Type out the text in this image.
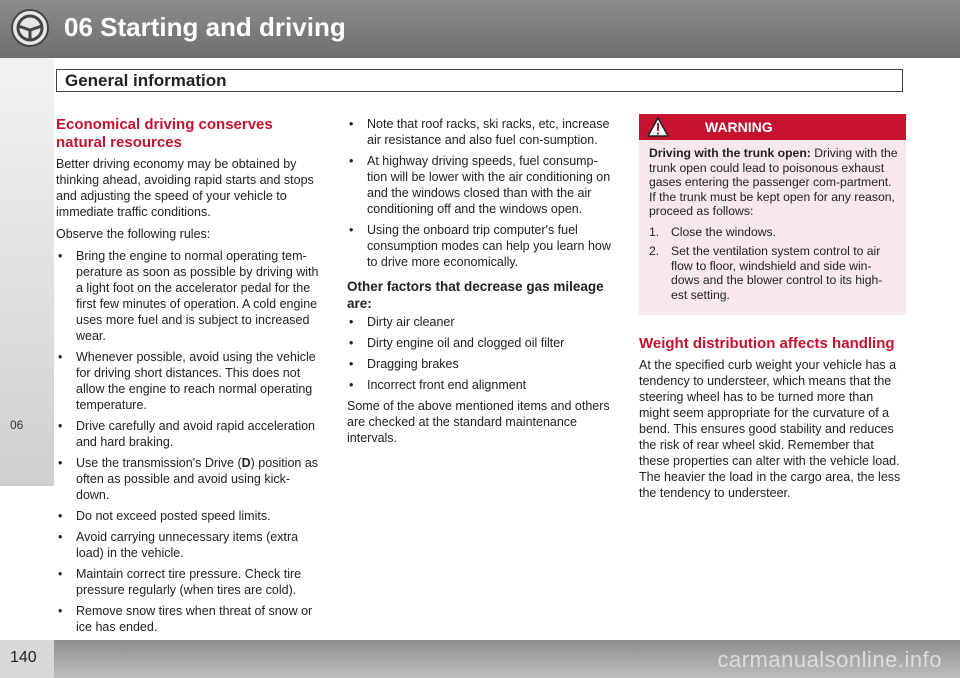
06 Starting and driving
General information
06
Economical driving conserves natural resources

Better driving economy may be obtained by thinking ahead, avoiding rapid starts and stops and adjusting the speed of your vehicle to immediate traffic conditions.

Observe the following rules:

• Bring the engine to normal operating tem-perature as soon as possible by driving with a light foot on the accelerator pedal for the first few minutes of operation. A cold engine uses more fuel and is subject to increased wear.
• Whenever possible, avoid using the vehicle for driving short distances. This does not allow the engine to reach normal operating temperature.
• Drive carefully and avoid rapid acceleration and hard braking.
• Use the transmission's Drive (D) position as often as possible and avoid using kick-down.
• Do not exceed posted speed limits.
• Avoid carrying unnecessary items (extra load) in the vehicle.
• Maintain correct tire pressure. Check tire pressure regularly (when tires are cold).
• Remove snow tires when threat of snow or ice has ended.
• Note that roof racks, ski racks, etc, increase air resistance and also fuel con-sumption.
• At highway driving speeds, fuel consump-tion will be lower with the air conditioning on and the windows closed than with the air conditioning off and the windows open.
• Using the onboard trip computer's fuel consumption modes can help you learn how to drive more economically.
Other factors that decrease gas mileage are:
• Dirty air cleaner
• Dirty engine oil and clogged oil filter
• Dragging brakes
• Incorrect front end alignment

Some of the above mentioned items and others are checked at the standard maintenance intervals.

WARNING

Driving with the trunk open: Driving with the trunk open could lead to poisonous exhaust gases entering the passenger com-partment. If the trunk must be kept open for any reason, proceed as follows:

1. Close the windows.
2. Set the ventilation system control to air flow to floor, windshield and side win-dows and the blower control to its high-est setting.
Weight distribution affects handling

At the specified curb weight your vehicle has a tendency to understeer, which means that the steering wheel has to be turned more than might seem appropriate for the curvature of a bend. This ensures good stability and reduces the risk of rear wheel skid. Remember that these properties can alter with the vehicle load. The heavier the load in the cargo area, the less the tendency to understeer.

140	carmanualsonline.info
